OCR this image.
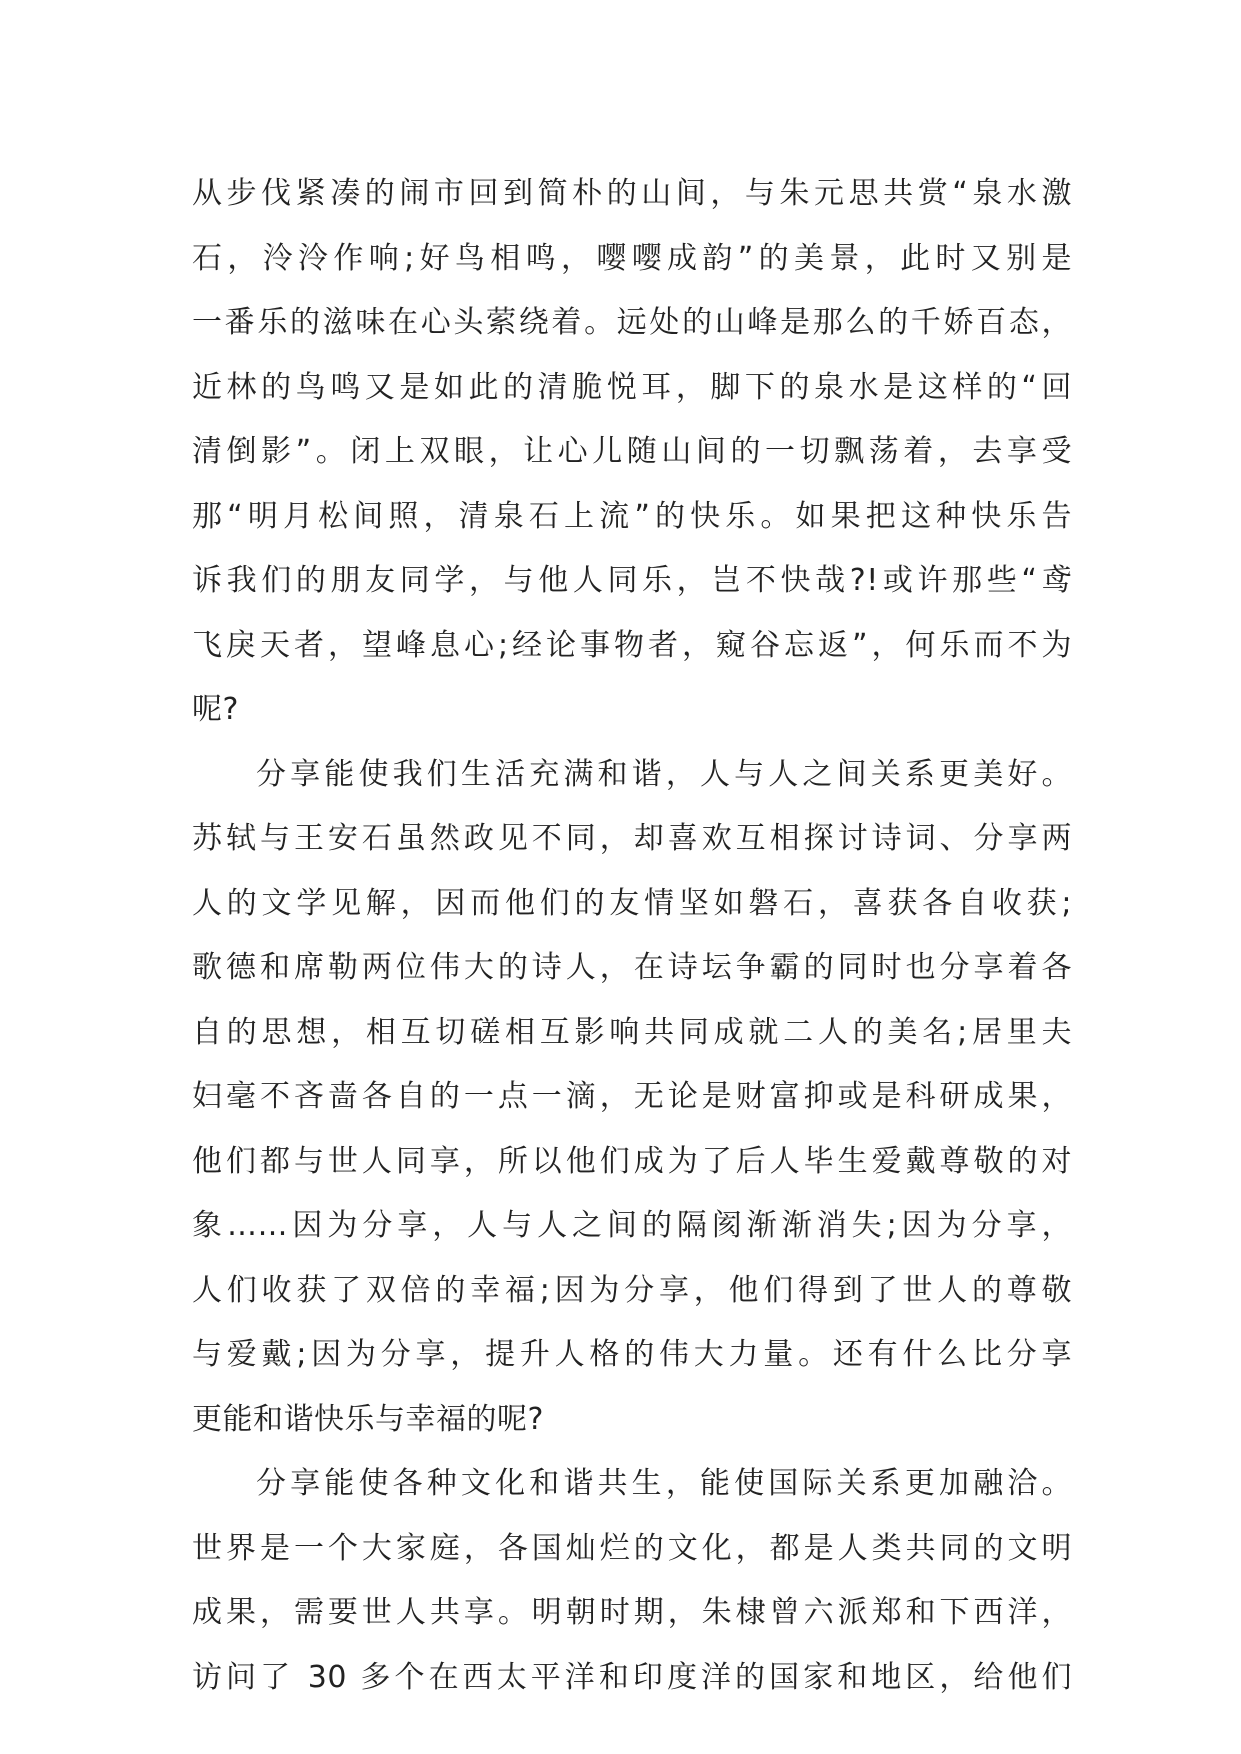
从步伐紧凑的闹市回到简朴的山间，与朱元思共赏“泉水激
石，泠泠作响;好鸟相鸣，嘤嘤成韵”的美景，此时又别是
一番乐的滋味在心头萦绕着。远处的山峰是那么的千娇百态，
近林的鸟鸣又是如此的清脆悦耳，脚下的泉水是这样的“回
清倒影”。闭上双眼，让心儿随山间的一切飘荡着，去享受
那“明月松间照，清泉石上流”的快乐。如果把这种快乐告
诉我们的朋友同学，与他人同乐，岂不快哉?!或许那些“鸢
飞戾天者，望峰息心;经论事物者，窥谷忘返”，何乐而不为
呢?
分享能使我们生活充满和谐，人与人之间关系更美好。
苏轼与王安石虽然政见不同，却喜欢互相探讨诗词、分享两
人的文学见解，因而他们的友情坚如磐石，喜获各自收获;
歌德和席勒两位伟大的诗人，在诗坛争霸的同时也分享着各
自的思想，相互切磋相互影响共同成就二人的美名;居里夫
妇毫不吝啬各自的一点一滴，无论是财富抑或是科研成果，
他们都与世人同享，所以他们成为了后人毕生爱戴尊敬的对
象……因为分享，人与人之间的隔阂渐渐消失;因为分享，
人们收获了双倍的幸福;因为分享，他们得到了世人的尊敬
与爱戴;因为分享，提升人格的伟大力量。还有什么比分享
更能和谐快乐与幸福的呢?
分享能使各种文化和谐共生，能使国际关系更加融洽。
世界是一个大家庭，各国灿烂的文化，都是人类共同的文明
成果，需要世人共享。明朝时期，朱棣曾六派郑和下西洋，
访问了 30 多个在西太平洋和印度洋的国家和地区，给他们
